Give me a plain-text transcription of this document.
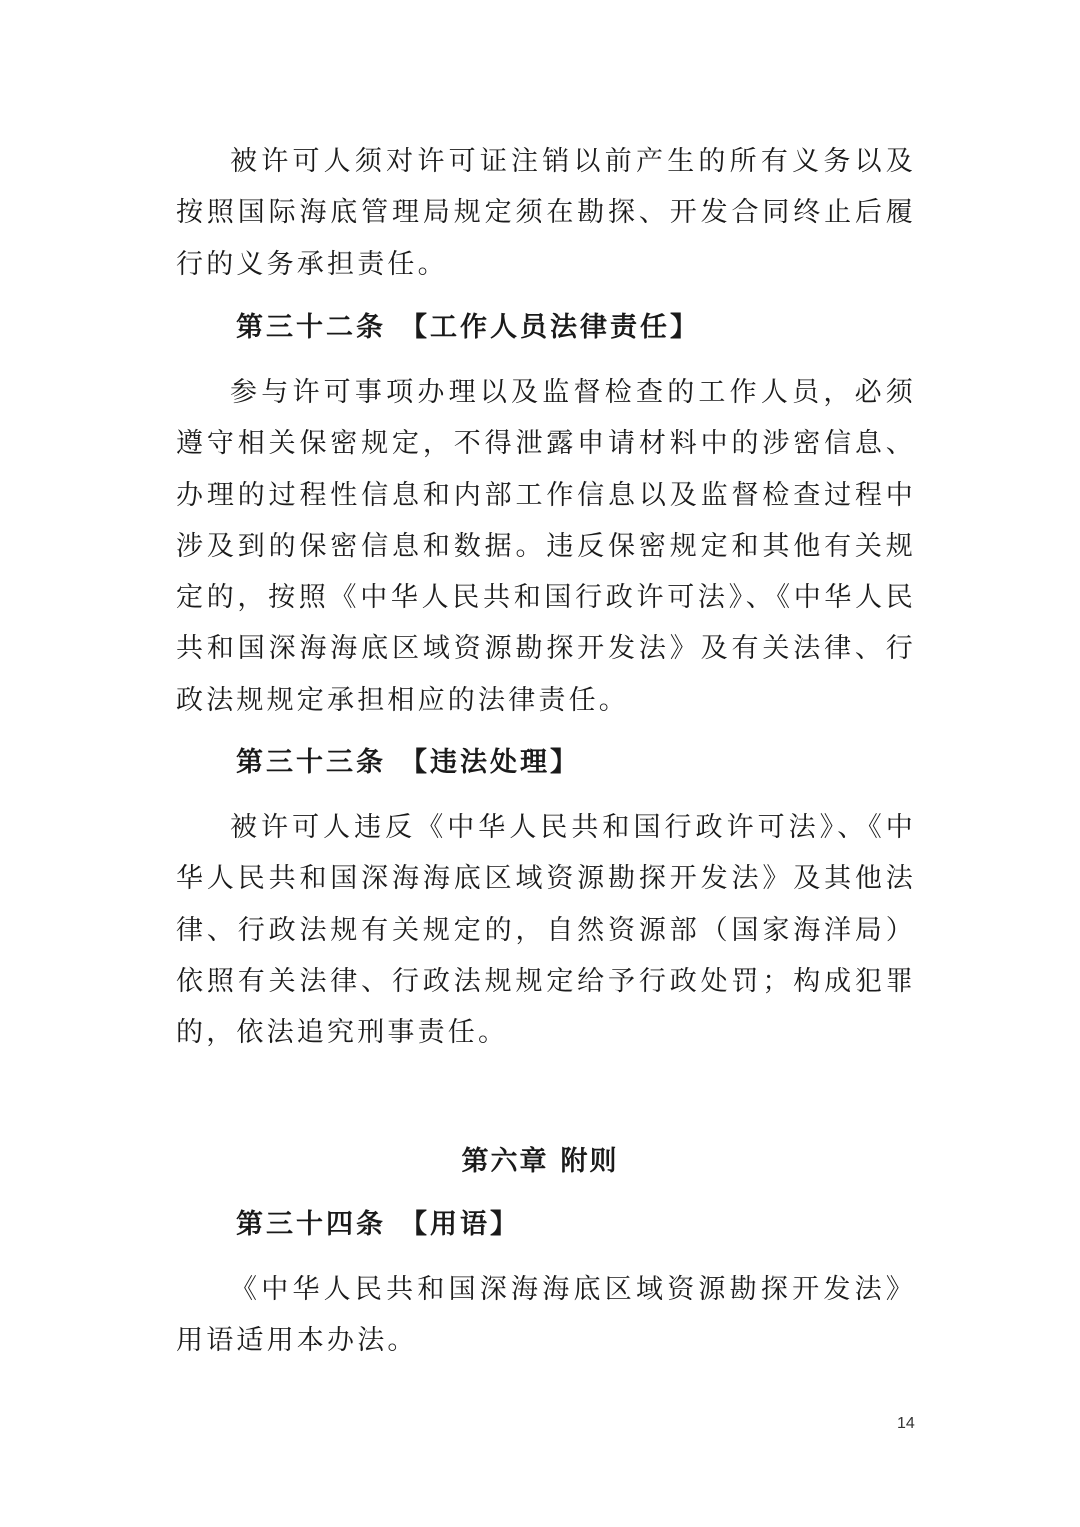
被许可人须对许可证注销以前产生的所有义务以及按照国际海底管理局规定须在勘探、开发合同终止后履行的义务承担责任。

第三十二条 【工作人员法律责任】

参与许可事项办理以及监督检查的工作人员，必须遵守相关保密规定，不得泄露申请材料中的涉密信息、办理的过程性信息和内部工作信息以及监督检查过程中涉及到的保密信息和数据。违反保密规定和其他有关规定的，按照《中华人民共和国行政许可法》、《中华人民共和国深海海底区域资源勘探开发法》及有关法律、行政法规规定承担相应的法律责任。

第三十三条 【违法处理】

被许可人违反《中华人民共和国行政许可法》、《中华人民共和国深海海底区域资源勘探开发法》及其他法律、行政法规有关规定的，自然资源部（国家海洋局）依照有关法律、行政法规规定给予行政处罚；构成犯罪的，依法追究刑事责任。

第六章 附则
第三十四条 【用语】

《中华人民共和国深海海底区域资源勘探开发法》用语适用本办法。

14
